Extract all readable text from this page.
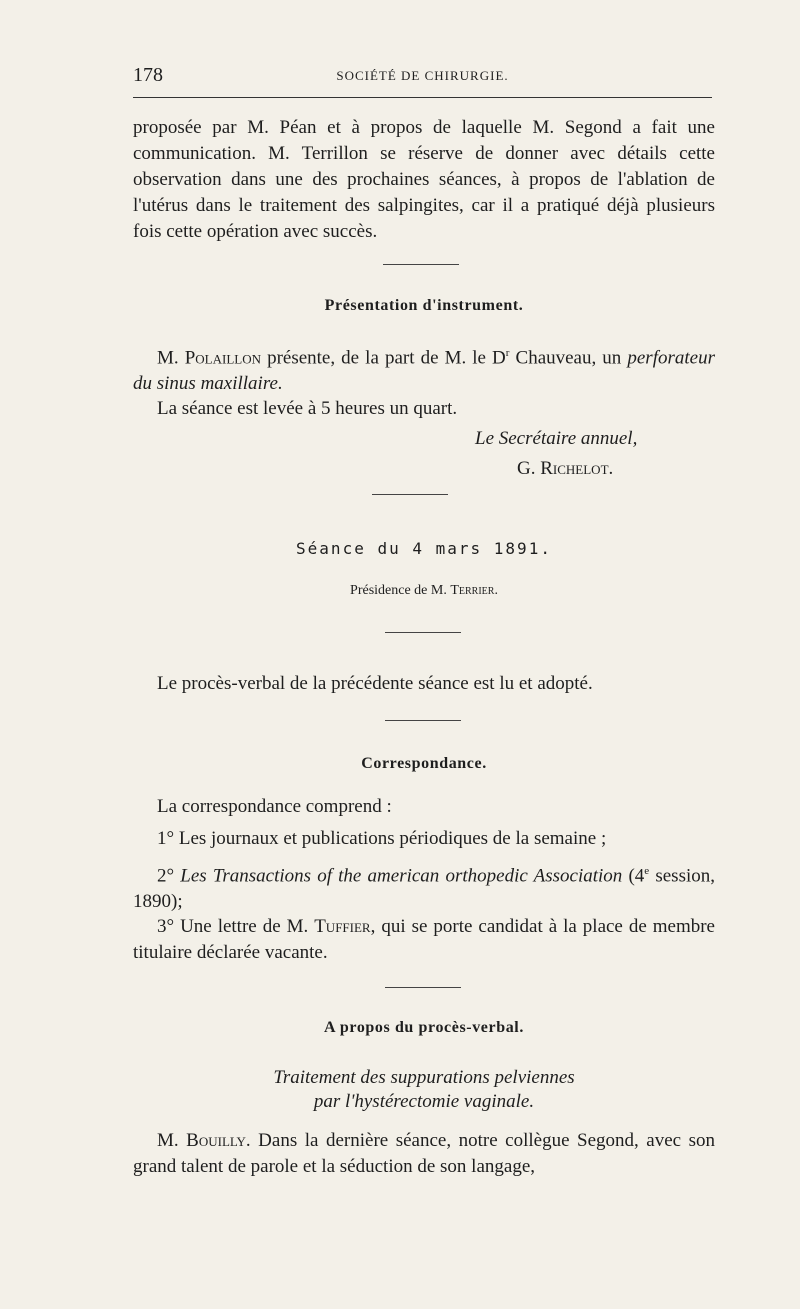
178	SOCIÉTÉ DE CHIRURGIE.
proposée par M. Péan et à propos de laquelle M. Segond a fait une communication. M. Terrillon se réserve de donner avec détails cette observation dans une des prochaines séances, à propos de l'ablation de l'utérus dans le traitement des salpingites, car il a pratiqué déjà plusieurs fois cette opération avec succès.
Présentation d'instrument.
M. Polaillon présente, de la part de M. le $D^r$ Chauveau, un perforateur du sinus maxillaire.
La séance est levée à 5 heures un quart.
Le Secrétaire annuel,
G. Richelot.
Séance du 4 mars 1891.
Présidence de M. Terrier.
Le procès-verbal de la précédente séance est lu et adopté.
Correspondance.
La correspondance comprend :
1° Les journaux et publications périodiques de la semaine ;
2° Les Transactions of the american orthopedic Association (4e session, 1890);
3° Une lettre de M. Tuffier, qui se porte candidat à la place de membre titulaire déclarée vacante.
A propos du procès-verbal.
Traitement des suppurations pelviennes
par l'hystérectomie vaginale.
M. Bouilly. Dans la dernière séance, notre collègue Segond, avec son grand talent de parole et la séduction de son langage,
